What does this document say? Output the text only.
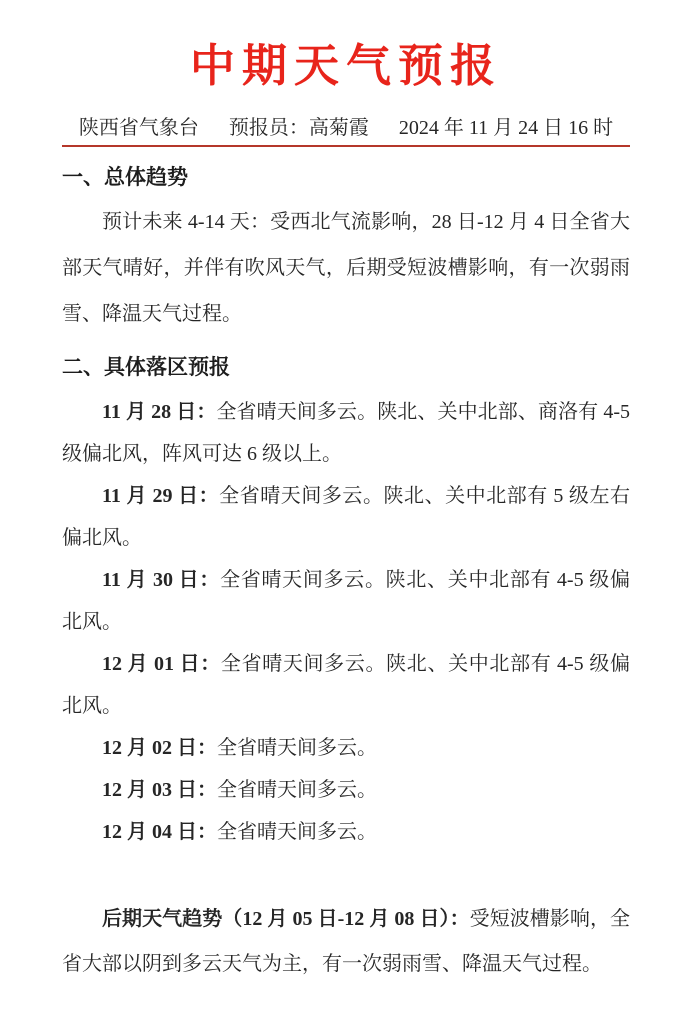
中期天气预报
陕西省气象台 预报员：高菊霞 2024 年 11 月 24 日 16 时
一、总体趋势

预计未来 4-14 天：受西北气流影响，28 日-12 月 4 日全省大部天气晴好，并伴有吹风天气，后期受短波槽影响，有一次弱雨雪、降温天气过程。

二、具体落区预报

11 月 28 日：全省晴天间多云。陕北、关中北部、商洛有 4-5 级偏北风，阵风可达 6 级以上。

11 月 29 日：全省晴天间多云。陕北、关中北部有 5 级左右偏北风。

11 月 30 日：全省晴天间多云。陕北、关中北部有 4-5 级偏北风。

12 月 01 日：全省晴天间多云。陕北、关中北部有 4-5 级偏北风。

12 月 02 日：全省晴天间多云。

12 月 03 日：全省晴天间多云。

12 月 04 日：全省晴天间多云。

后期天气趋势（12 月 05 日-12 月 08 日）：受短波槽影响，全省大部以阴到多云天气为主，有一次弱雨雪、降温天气过程。
